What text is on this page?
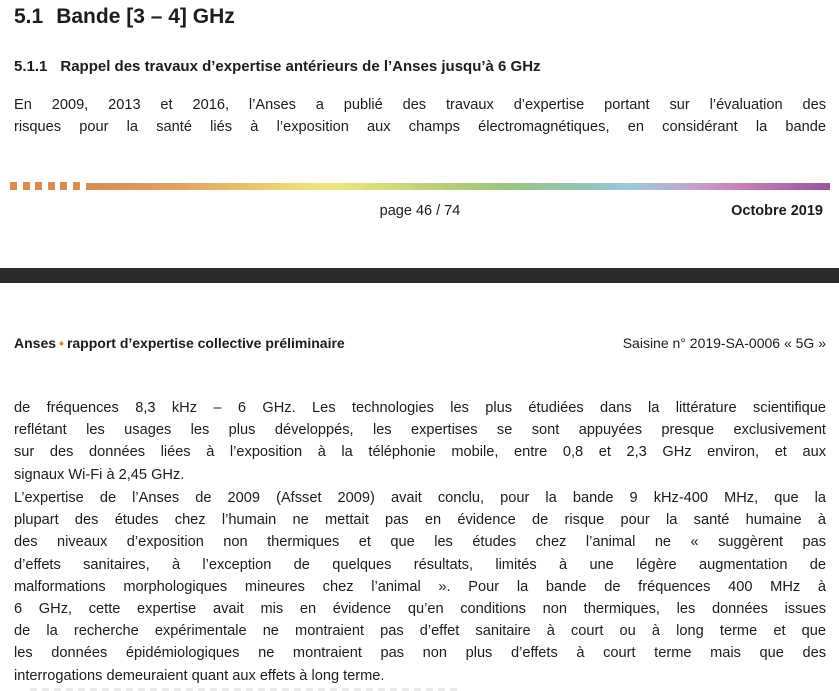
5.1 Bande [3 – 4] GHz
5.1.1 Rappel des travaux d’expertise antérieurs de l’Anses jusqu’à 6 GHz
En 2009, 2013 et 2016, l’Anses a publié des travaux d’expertise portant sur l’évaluation des
risques pour la santé liés à l’exposition aux champs électromagnétiques, en considérant la bande
page 46 / 74	Octobre 2019
Anses • rapport d’expertise collective préliminaire	Saisine n° 2019-SA-0006 « 5G »
de fréquences 8,3 kHz – 6 GHz. Les technologies les plus étudiées dans la littérature scientifique
reflétant les usages les plus développés, les expertises se sont appuyées presque exclusivement
sur des données liées à l’exposition à la téléphonie mobile, entre 0,8 et 2,3 GHz environ, et aux
signaux Wi-Fi à 2,45 GHz.
L’expertise de l’Anses de 2009 (Afsset 2009) avait conclu, pour la bande 9 kHz-400 MHz, que la
plupart des études chez l’humain ne mettait pas en évidence de risque pour la santé humaine à
des niveaux d’exposition non thermiques et que les études chez l’animal ne « suggèrent pas
d’effets sanitaires, à l’exception de quelques résultats, limités à une légère augmentation de
malformations morphologiques mineures chez l’animal ». Pour la bande de fréquences 400 MHz à
6 GHz, cette expertise avait mis en évidence qu’en conditions non thermiques, les données issues
de la recherche expérimentale ne montraient pas d’effet sanitaire à court ou à long terme et que
les données épidémiologiques ne montraient pas non plus d’effets à court terme mais que des
interrogations demeuraient quant aux effets à long terme.
